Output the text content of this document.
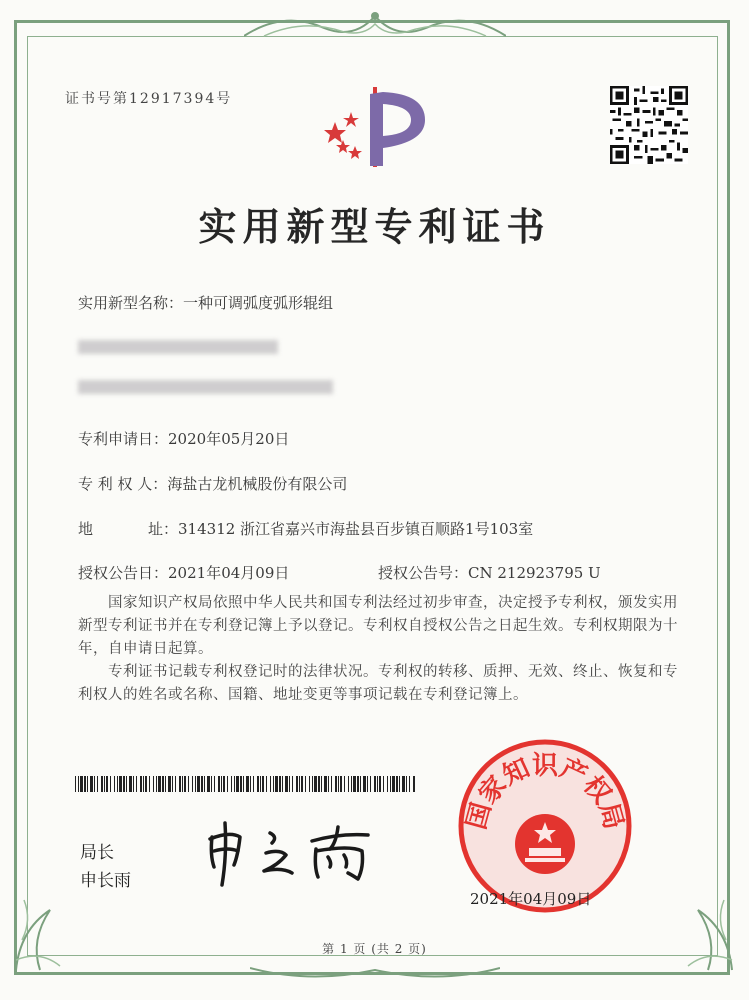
证书号第12917394号
实用新型专利证书
实用新型名称：一种可调弧度弧形辊组
专利申请日：2020年05月20日
专 利 权 人：海盐古龙机械股份有限公司
地	址：314312 浙江省嘉兴市海盐县百步镇百顺路1号103室
授权公告日：2021年04月09日	授权公告号：CN 212923795 U
国家知识产权局依照中华人民共和国专利法经过初步审查，决定授予专利权，颁发实用新型专利证书并在专利登记簿上予以登记。专利权自授权公告之日起生效。专利权期限为十年，自申请日起算。
专利证书记载专利权登记时的法律状况。专利权的转移、质押、无效、终止、恢复和专利权人的姓名或名称、国籍、地址变更等事项记载在专利登记簿上。
局长
申长雨
国家知识产权局
2021年04月09日
第 1 页 (共 2 页)
